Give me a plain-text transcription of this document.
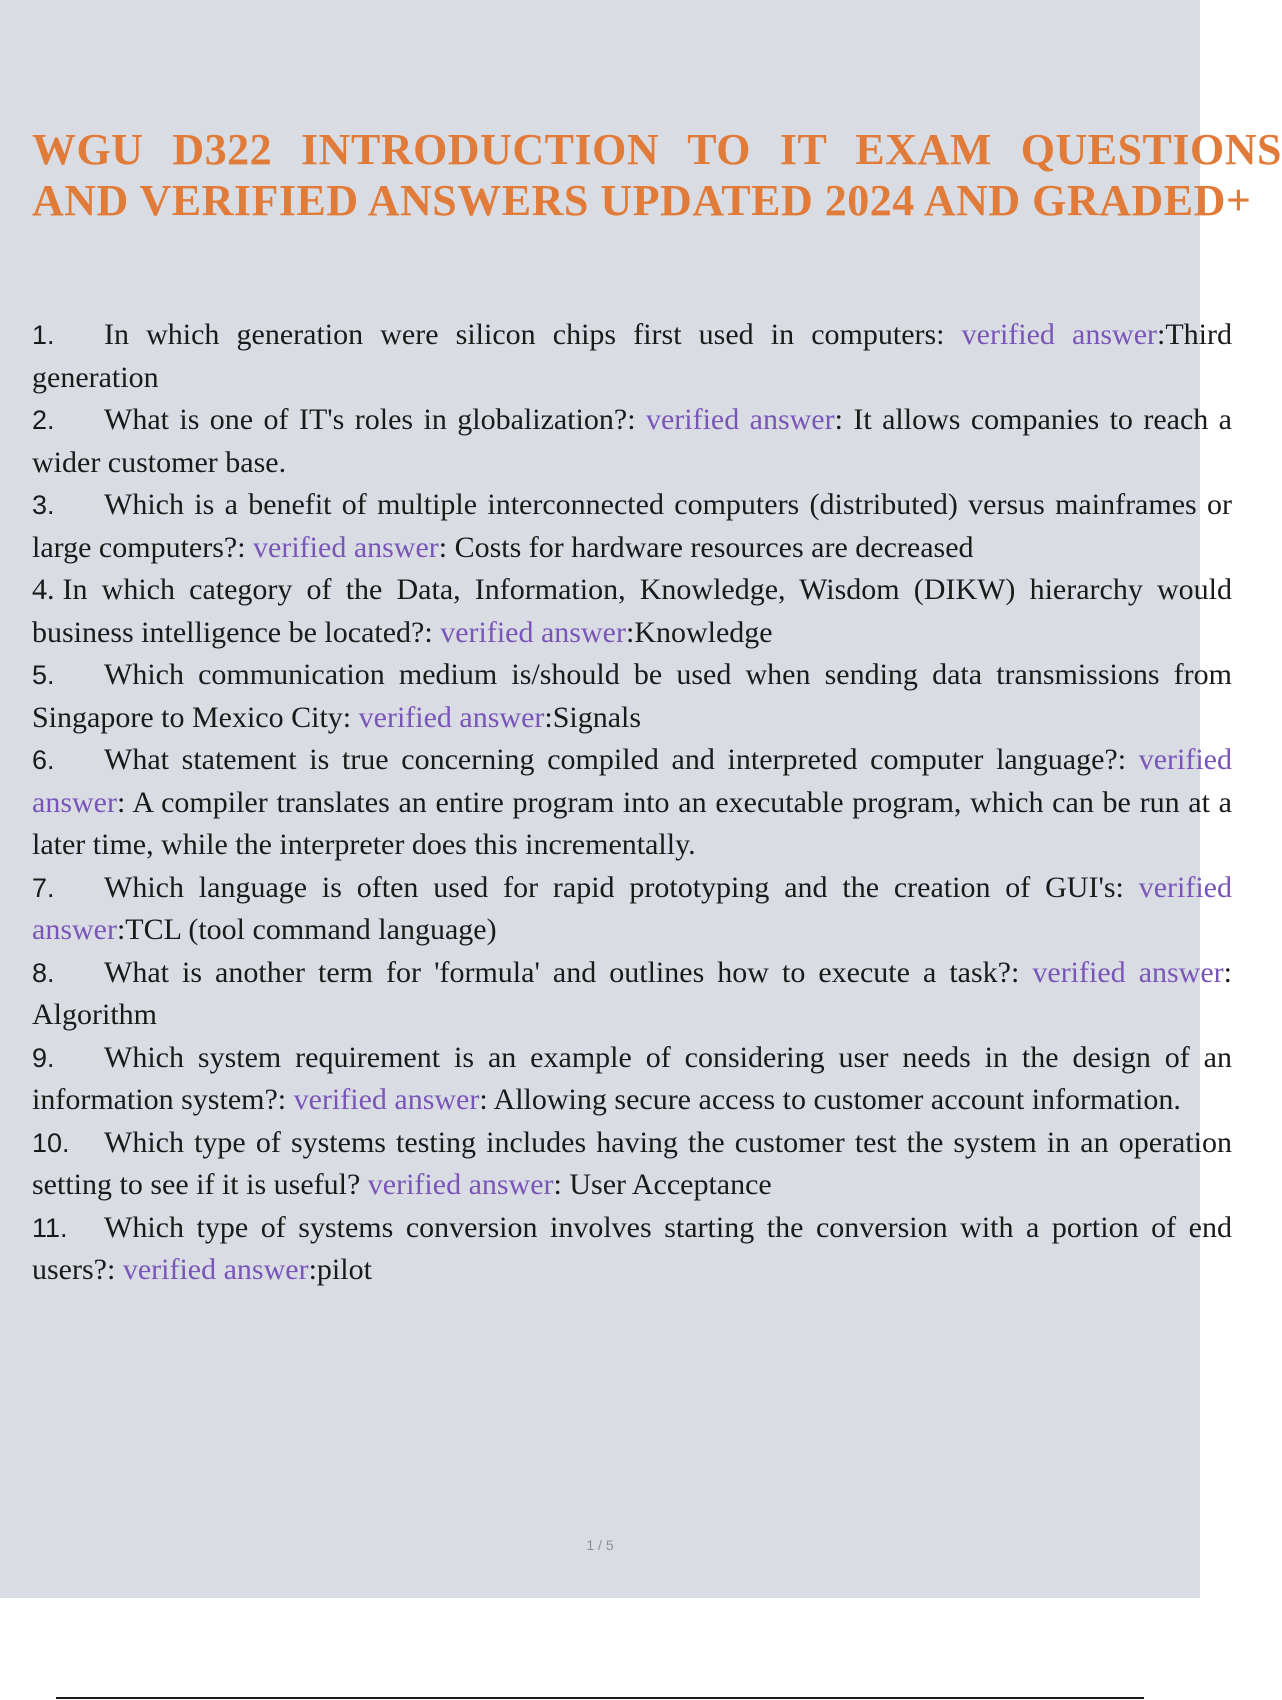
WGU D322 INTRODUCTION TO IT EXAM QUESTIONS AND VERIFIED ANSWERS UPDATED 2024 AND GRADED+
1. In which generation were silicon chips first used in computers: verified answer:Third generation
2. What is one of IT's roles in globalization?: verified answer: It allows companies to reach a wider customer base.
3. Which is a benefit of multiple interconnected computers (distributed) versus mainframes or large computers?: verified answer: Costs for hardware resources are decreased
4. In which category of the Data, Information, Knowledge, Wisdom (DIKW) hierarchy would business intelligence be located?: verified answer:Knowledge
5. Which communication medium is/should be used when sending data transmissions from Singapore to Mexico City: verified answer:Signals
6. What statement is true concerning compiled and interpreted computer language?: verified answer: A compiler translates an entire program into an executable program, which can be run at a later time, while the interpreter does this incrementally.
7. Which language is often used for rapid prototyping and the creation of GUI's: verified answer:TCL (tool command language)
8. What is another term for 'formula' and outlines how to execute a task?: verified answer: Algorithm
9. Which system requirement is an example of considering user needs in the design of an information system?: verified answer: Allowing secure access to customer account information.
10. Which type of systems testing includes having the customer test the system in an operation setting to see if it is useful? verified answer: User Acceptance
11. Which type of systems conversion involves starting the conversion with a portion of end users?: verified answer:pilot
1 / 5
